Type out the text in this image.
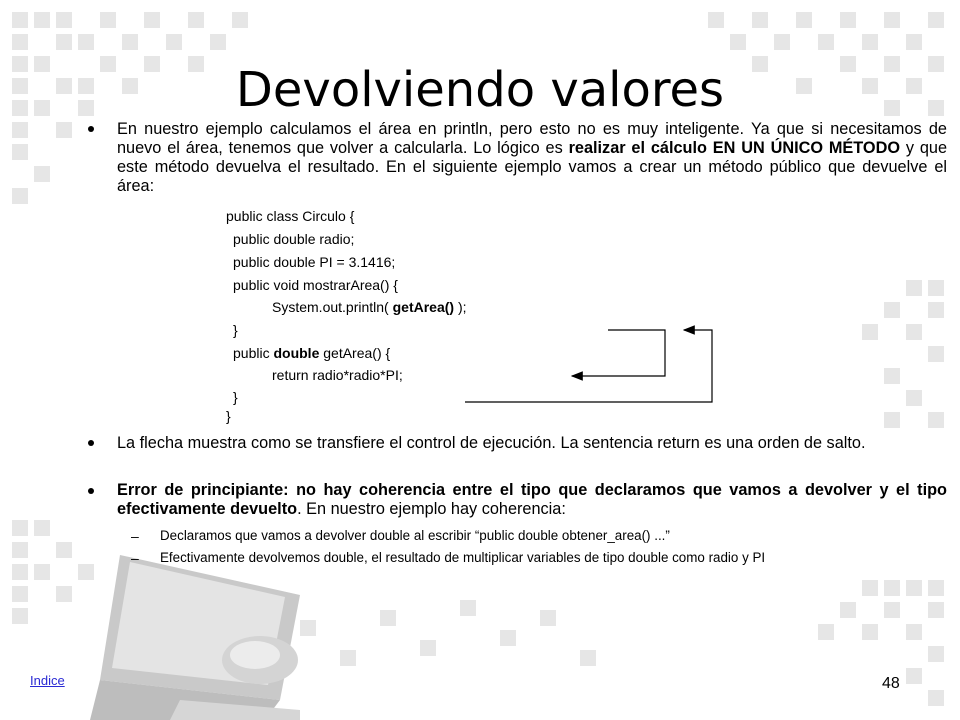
Devolviendo valores
En nuestro ejemplo calculamos el área en println, pero esto no es muy inteligente. Ya que si necesitamos de nuevo el área, tenemos que volver a calcularla. Lo lógico es realizar el cálculo EN UN ÚNICO MÉTODO y que este método devuelva el resultado. En el siguiente ejemplo vamos a crear un método público que devuelve el área:
public class Circulo {
public double radio;
public double PI = 3.1416;
public void mostrarArea() {
System.out.println( getArea() );
}
public double getArea() {
return radio*radio*PI;
}
}
La flecha muestra como se transfiere el control de ejecución. La sentencia return es una orden de salto.
Error de principiante: no hay coherencia entre el tipo que declaramos que vamos a devolver y el tipo efectivamente devuelto. En nuestro ejemplo hay coherencia:
– Declaramos que vamos a devolver double al escribir “public double obtener_area() ...”
– Efectivamente devolvemos double, el resultado de multiplicar variables de tipo double como radio y PI
Indice	48
